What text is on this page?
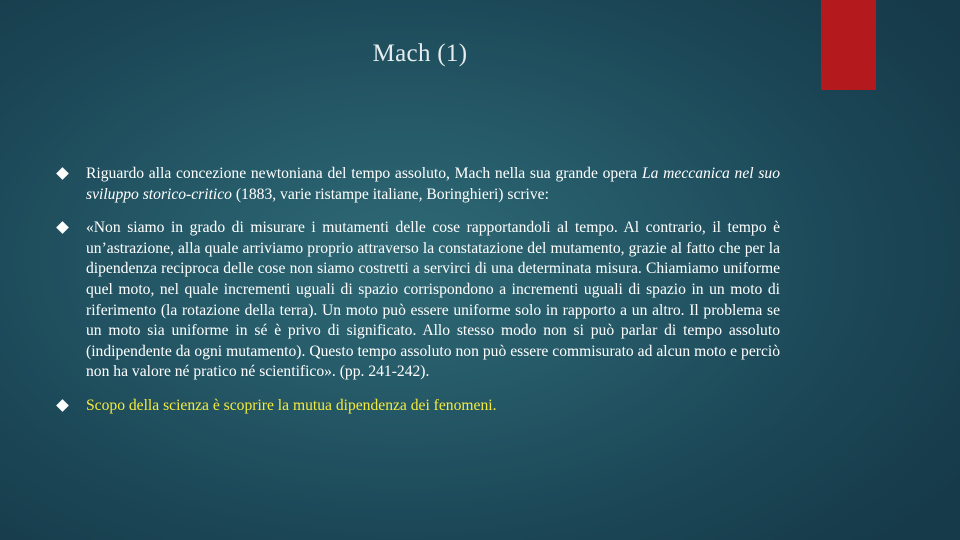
Mach (1)
Riguardo alla concezione newtoniana del tempo assoluto, Mach nella sua grande opera La meccanica nel suo sviluppo storico-critico (1883, varie ristampe italiane, Boringhieri) scrive:
«Non siamo in grado di misurare i mutamenti delle cose rapportandoli al tempo. Al contrario, il tempo è un’astrazione, alla quale arriviamo proprio attraverso la constatazione del mutamento, grazie al fatto che per la dipendenza reciproca delle cose non siamo costretti a servirci di una determinata misura. Chiamiamo uniforme quel moto, nel quale incrementi uguali di spazio corrispondono a incrementi uguali di spazio in un moto di riferimento (la rotazione della terra). Un moto può essere uniforme solo in rapporto a un altro. Il problema se un moto sia uniforme in sé è privo di significato. Allo stesso modo non si può parlar di tempo assoluto (indipendente da ogni mutamento). Questo tempo assoluto non può essere commisurato ad alcun moto e perciò non ha valore né pratico né scientifico». (pp. 241-242).
Scopo della scienza è scoprire la mutua dipendenza dei fenomeni.
